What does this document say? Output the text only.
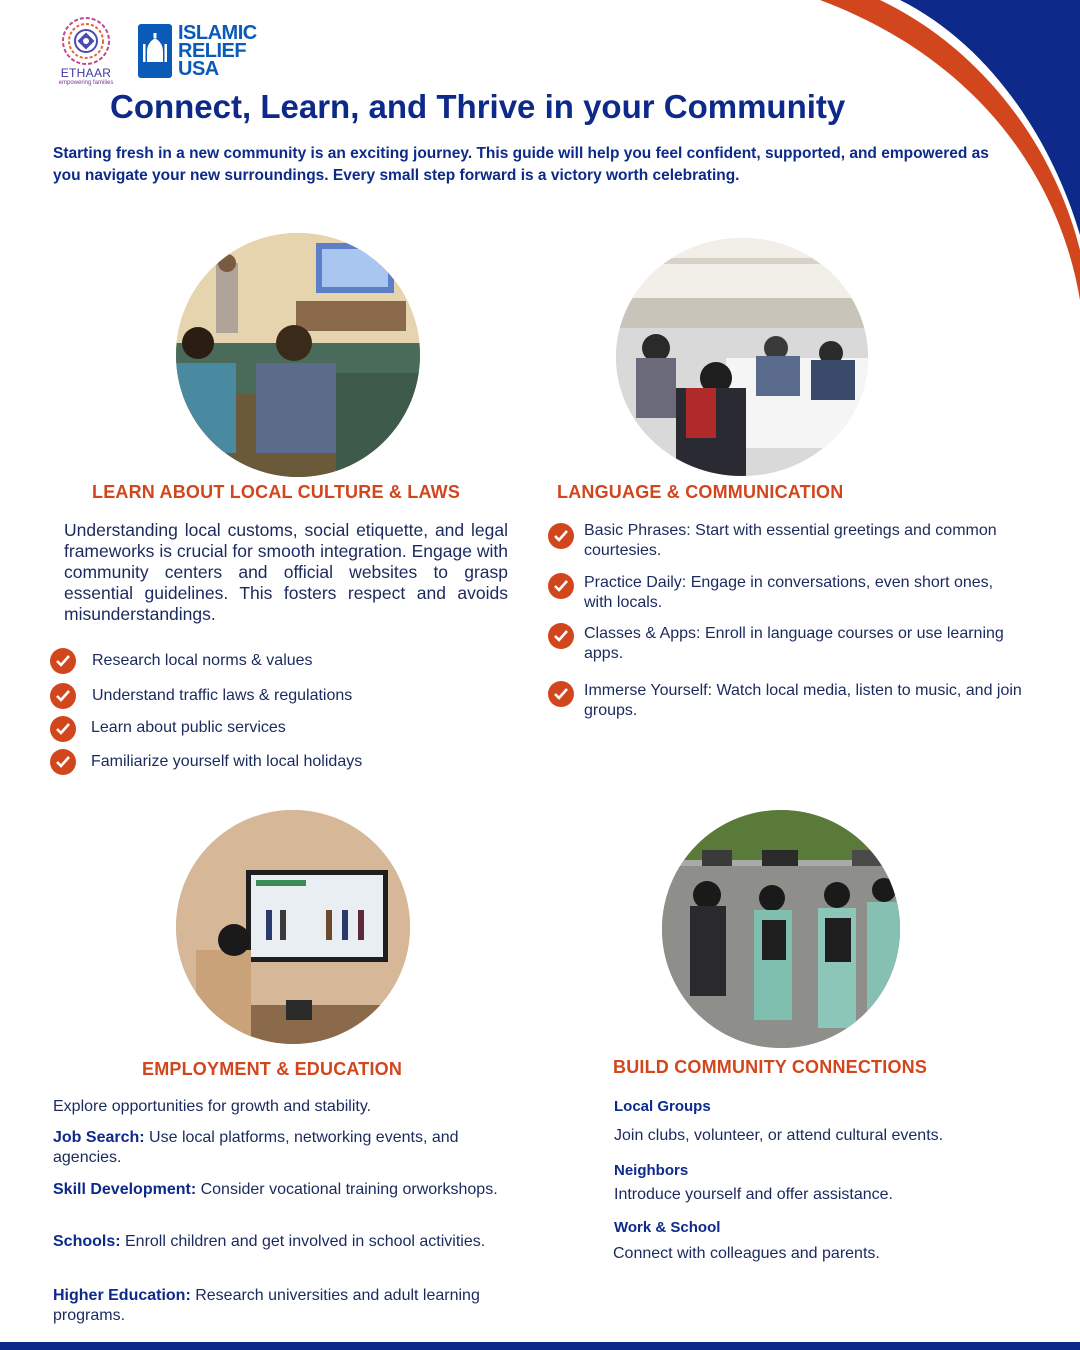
ETHAAR
empowering families
ISLAMIC
RELIEF
USA
Connect, Learn, and Thrive in your Community
Starting fresh in a new community is an exciting journey. This guide will help you feel confident, supported, and empowered as you navigate your new surroundings. Every small step forward is a victory worth celebrating.
LEARN ABOUT LOCAL CULTURE & LAWS	LANGUAGE & COMMUNICATION
Understanding local customs, social etiquette, and legal frameworks is crucial for smooth integration. Engage with community centers and official websites to grasp essential guidelines. This fosters respect and avoids misunderstandings.
Research local norms & values
Understand traffic laws & regulations
Learn about public services
Familiarize yourself with local holidays
Basic Phrases: Start with essential greetings and common courtesies.
Practice Daily: Engage in conversations, even short ones, with locals.
Classes & Apps: Enroll in language courses or use learning apps.
Immerse Yourself: Watch local media, listen to music, and join groups.
EMPLOYMENT & EDUCATION	BUILD COMMUNITY CONNECTIONS
Explore opportunities for growth and stability.
Job Search: Use local platforms, networking events, and agencies.
Skill Development: Consider vocational training orworkshops.
Schools: Enroll children and get involved in school activities.
Higher Education: Research universities and adult learning programs.
Local Groups
Join clubs, volunteer, or attend cultural events.
Neighbors
Introduce yourself and offer assistance.
Work & School
Connect with colleagues and parents.
